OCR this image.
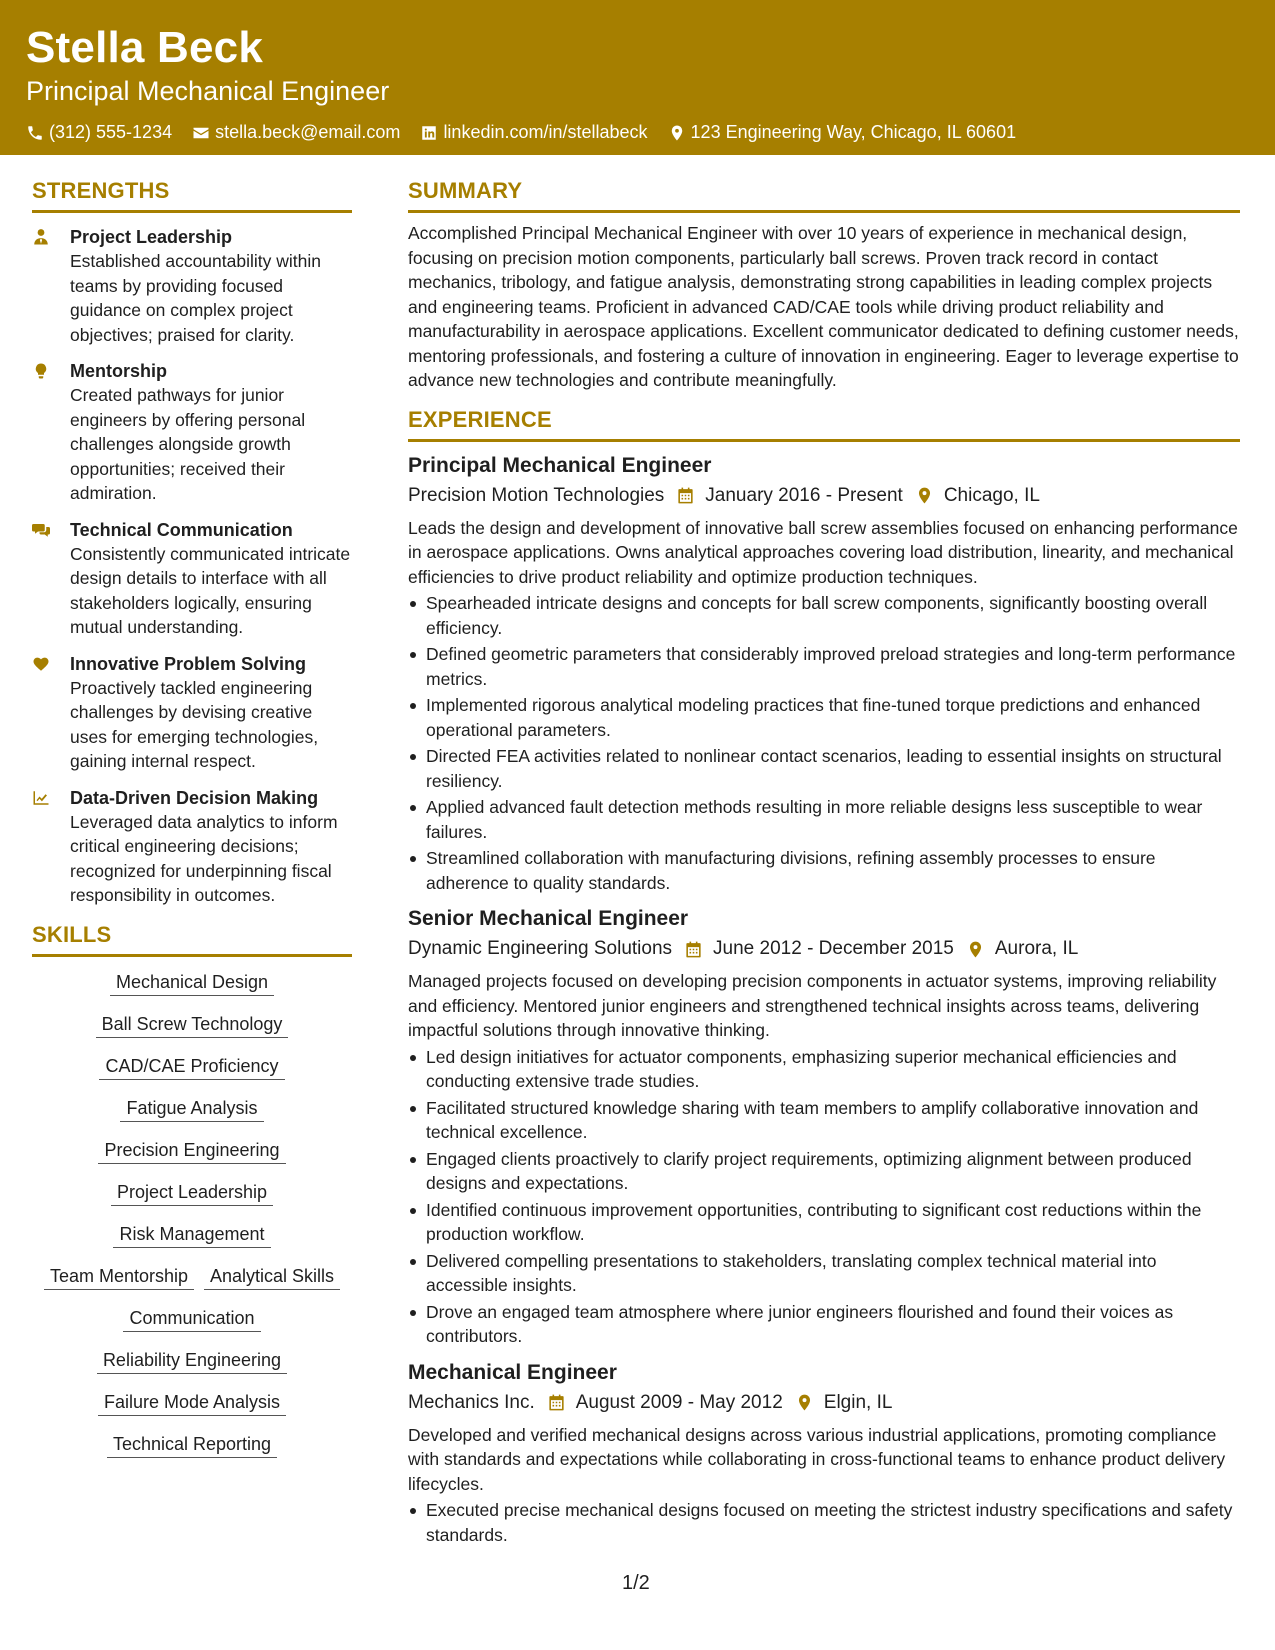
Stella Beck
Principal Mechanical Engineer
(312) 555-1234 stella.beck@email.com linkedin.com/in/stellabeck 123 Engineering Way, Chicago, IL 60601
STRENGTHS
Project Leadership
Established accountability within teams by providing focused guidance on complex project objectives; praised for clarity.
Mentorship
Created pathways for junior engineers by offering personal challenges alongside growth opportunities; received their admiration.
Technical Communication
Consistently communicated intricate design details to interface with all stakeholders logically, ensuring mutual understanding.
Innovative Problem Solving
Proactively tackled engineering challenges by devising creative uses for emerging technologies, gaining internal respect.
Data-Driven Decision Making
Leveraged data analytics to inform critical engineering decisions; recognized for underpinning fiscal responsibility in outcomes.
SKILLS
Mechanical Design
Ball Screw Technology
CAD/CAE Proficiency
Fatigue Analysis
Precision Engineering
Project Leadership
Risk Management
Team Mentorship	Analytical Skills
Communication
Reliability Engineering
Failure Mode Analysis
Technical Reporting
SUMMARY
Accomplished Principal Mechanical Engineer with over 10 years of experience in mechanical design, focusing on precision motion components, particularly ball screws. Proven track record in contact mechanics, tribology, and fatigue analysis, demonstrating strong capabilities in leading complex projects and engineering teams. Proficient in advanced CAD/CAE tools while driving product reliability and manufacturability in aerospace applications. Excellent communicator dedicated to defining customer needs, mentoring professionals, and fostering a culture of innovation in engineering. Eager to leverage expertise to advance new technologies and contribute meaningfully.
EXPERIENCE
Principal Mechanical Engineer
Precision Motion Technologies January 2016 - Present Chicago, IL
Leads the design and development of innovative ball screw assemblies focused on enhancing performance in aerospace applications. Owns analytical approaches covering load distribution, linearity, and mechanical efficiencies to drive product reliability and optimize production techniques.
Spearheaded intricate designs and concepts for ball screw components, significantly boosting overall efficiency.
Defined geometric parameters that considerably improved preload strategies and long-term performance metrics.
Implemented rigorous analytical modeling practices that fine-tuned torque predictions and enhanced operational parameters.
Directed FEA activities related to nonlinear contact scenarios, leading to essential insights on structural resiliency.
Applied advanced fault detection methods resulting in more reliable designs less susceptible to wear failures.
Streamlined collaboration with manufacturing divisions, refining assembly processes to ensure adherence to quality standards.
Senior Mechanical Engineer
Dynamic Engineering Solutions June 2012 - December 2015 Aurora, IL
Managed projects focused on developing precision components in actuator systems, improving reliability and efficiency. Mentored junior engineers and strengthened technical insights across teams, delivering impactful solutions through innovative thinking.
Led design initiatives for actuator components, emphasizing superior mechanical efficiencies and conducting extensive trade studies.
Facilitated structured knowledge sharing with team members to amplify collaborative innovation and technical excellence.
Engaged clients proactively to clarify project requirements, optimizing alignment between produced designs and expectations.
Identified continuous improvement opportunities, contributing to significant cost reductions within the production workflow.
Delivered compelling presentations to stakeholders, translating complex technical material into accessible insights.
Drove an engaged team atmosphere where junior engineers flourished and found their voices as contributors.
Mechanical Engineer
Mechanics Inc. August 2009 - May 2012 Elgin, IL
Developed and verified mechanical designs across various industrial applications, promoting compliance with standards and expectations while collaborating in cross-functional teams to enhance product delivery lifecycles.
Executed precise mechanical designs focused on meeting the strictest industry specifications and safety standards.
1/2
